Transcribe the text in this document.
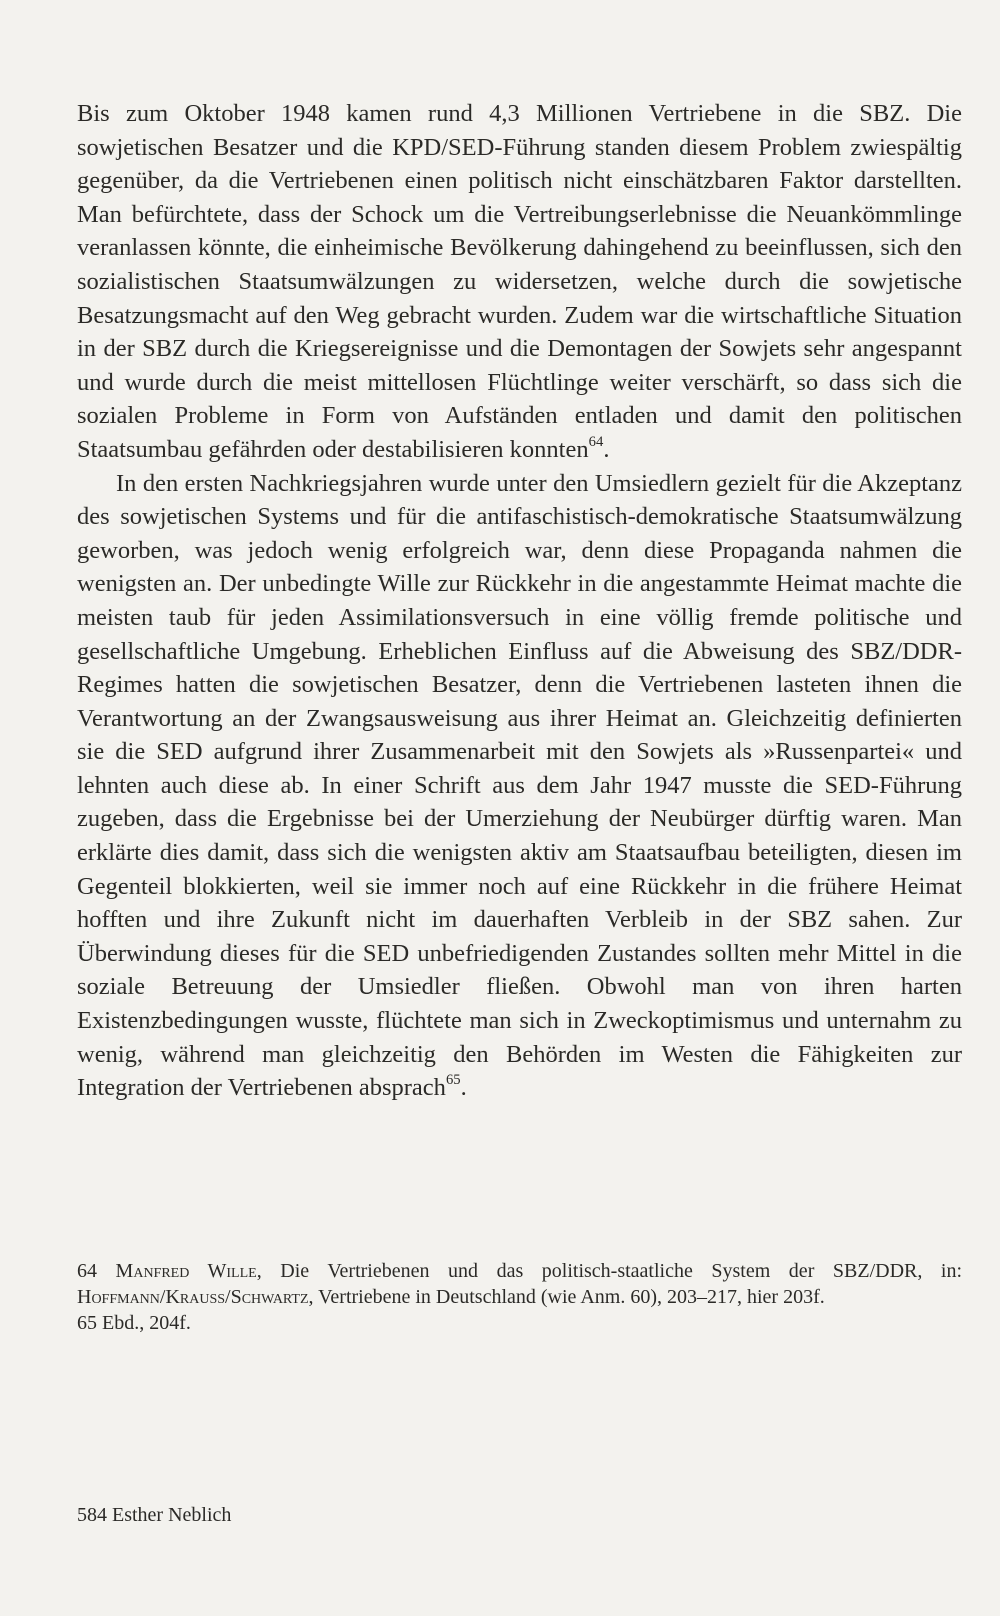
Bis zum Oktober 1948 kamen rund 4,3 Millionen Vertriebene in die SBZ. Die sowjetischen Besatzer und die KPD/SED-Führung standen diesem Problem zwiespältig gegenüber, da die Vertriebenen einen politisch nicht einschätzbaren Faktor darstellten. Man befürchtete, dass der Schock um die Vertreibungserlebnisse die Neuankömmlinge veranlassen könnte, die einheimische Bevölkerung dahingehend zu beeinflussen, sich den sozialistischen Staatsumwälzungen zu widersetzen, welche durch die sowjetische Besatzungsmacht auf den Weg gebracht wurden. Zudem war die wirtschaftliche Situation in der SBZ durch die Kriegsereignisse und die Demontagen der Sowjets sehr angespannt und wurde durch die meist mittellosen Flüchtlinge weiter verschärft, so dass sich die sozialen Probleme in Form von Aufständen entladen und damit den politischen Staatsumbau gefährden oder destabilisieren konnten$^{64}$.

In den ersten Nachkriegsjahren wurde unter den Umsiedlern gezielt für die Akzeptanz des sowjetischen Systems und für die antifaschistisch-demokratische Staatsumwälzung geworben, was jedoch wenig erfolgreich war, denn diese Propaganda nahmen die wenigsten an. Der unbedingte Wille zur Rückkehr in die angestammte Heimat machte die meisten taub für jeden Assimilationsversuch in eine völlig fremde politische und gesellschaftliche Umgebung. Erheblichen Einfluss auf die Abweisung des SBZ/DDR-Regimes hatten die sowjetischen Besatzer, denn die Vertriebenen lasteten ihnen die Verantwortung an der Zwangsausweisung aus ihrer Heimat an. Gleichzeitig definierten sie die SED aufgrund ihrer Zusammenarbeit mit den Sowjets als »Russenpartei« und lehnten auch diese ab. In einer Schrift aus dem Jahr 1947 musste die SED-Führung zugeben, dass die Ergebnisse bei der Umerziehung der Neubürger dürftig waren. Man erklärte dies damit, dass sich die wenigsten aktiv am Staatsaufbau beteiligten, diesen im Gegenteil blokkierten, weil sie immer noch auf eine Rückkehr in die frühere Heimat hofften und ihre Zukunft nicht im dauerhaften Verbleib in der SBZ sahen. Zur Überwindung dieses für die SED unbefriedigenden Zustandes sollten mehr Mittel in die soziale Betreuung der Umsiedler fließen. Obwohl man von ihren harten Existenzbedingungen wusste, flüchtete man sich in Zweckoptimismus und unternahm zu wenig, während man gleichzeitig den Behörden im Westen die Fähigkeiten zur Integration der Vertriebenen absprach$^{65}$.

64 Manfred Wille, Die Vertriebenen und das politisch-staatliche System der SBZ/DDR, in: Hoffmann/Krauss/Schwartz, Vertriebene in Deutschland (wie Anm. 60), 203–217, hier 203f.

65 Ebd., 204f.

584 Esther Neblich
